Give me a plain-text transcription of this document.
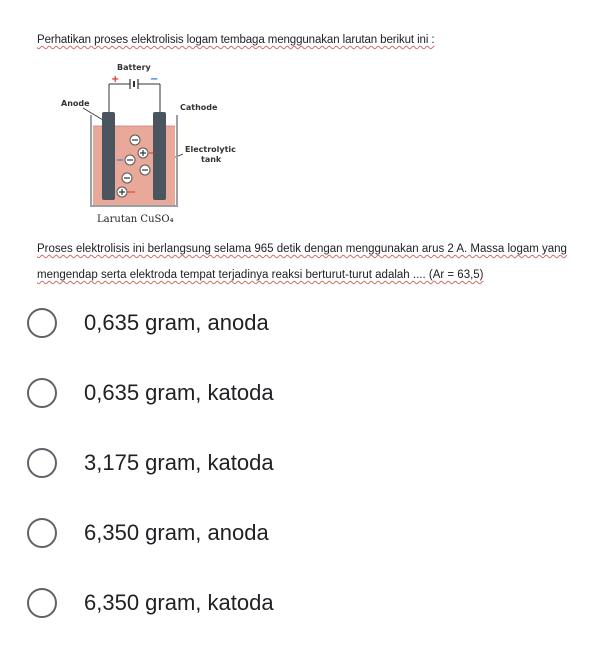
Perhatikan proses elektrolisis logam tembaga menggunakan larutan berikut ini :
Battery
+	−
Anode	Cathode
Electrolytic
tank
Larutan CuSO₄
Proses elektrolisis ini berlangsung selama 965 detik dengan menggunakan arus 2 A. Massa logam yang
mengendap serta elektroda tempat terjadinya reaksi berturut-turut adalah .... (Ar = 63,5)
0,635 gram, anoda
0,635 gram, katoda
3,175 gram, katoda
6,350 gram, anoda
6,350 gram, katoda
